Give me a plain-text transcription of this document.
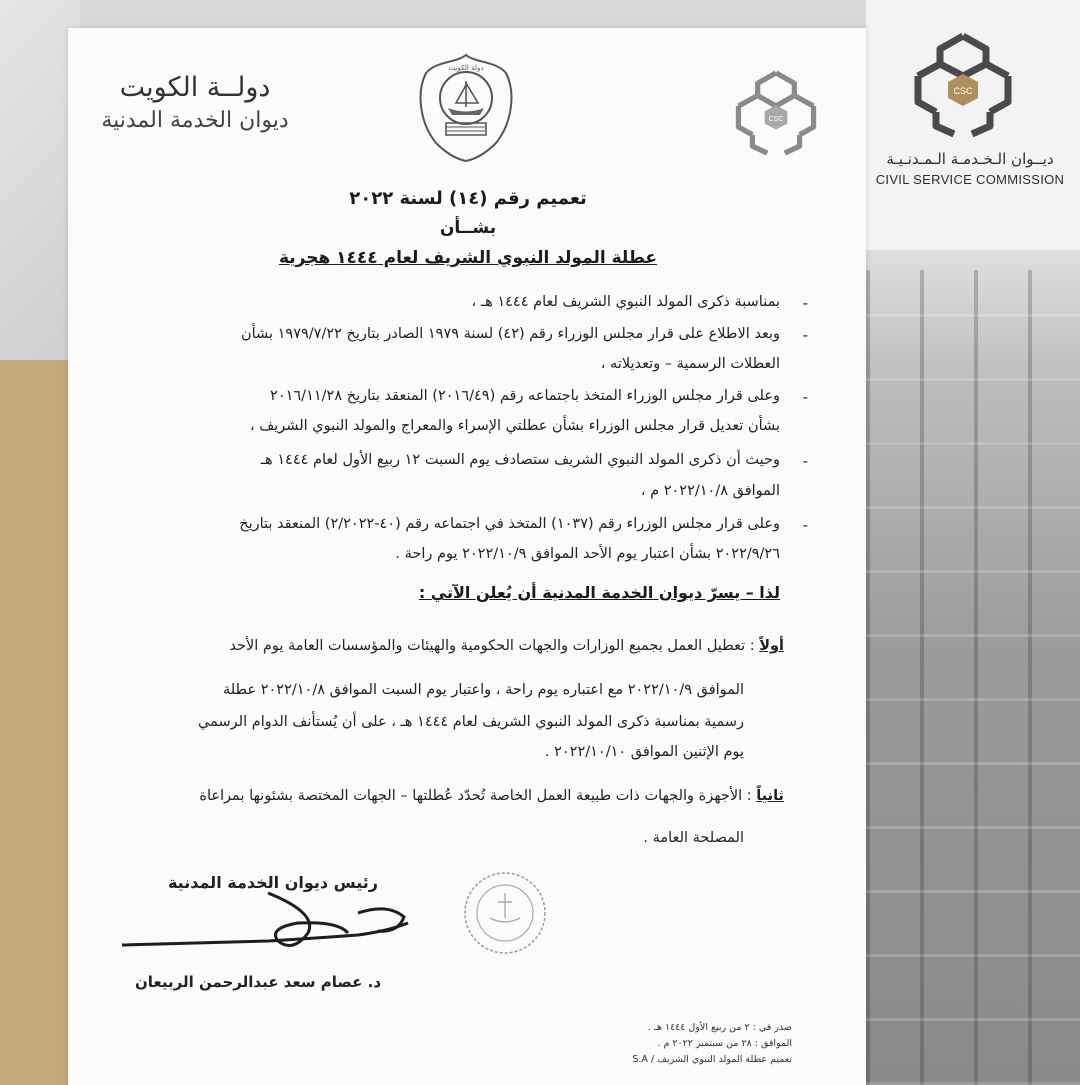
CSC
ديــوان الـخـدمـة الـمـدنـيـة
CIVIL SERVICE COMMISSION
CSC
دولة الكويت
دولــة الكويت
ديوان الخدمة المدنية
تعميم رقم (١٤) لسنة ٢٠٢٢
بشــأن
عطلة المولد النبوي الشريف لعام ١٤٤٤ هجرية
-
بمناسبة ذكرى المولد النبوي الشريف لعام ١٤٤٤ هـ ،
-
وبعد الاطلاع على قرار مجلس الوزراء رقم (٤٢) لسنة ١٩٧٩ الصادر بتاريخ ١٩٧٩/٧/٢٢ بشأن
العطلات الرسمية – وتعديلاته ،
-
وعلى قرار مجلس الوزراء المتخذ باجتماعه رقم (٢٠١٦/٤٩) المنعقد بتاريخ ٢٠١٦/١١/٢٨
بشأن تعديل قرار مجلس الوزراء بشأن عطلتي الإسراء والمعراج والمولد النبوي الشريف ،
-
وحيث أن ذكرى المولد النبوي الشريف ستصادف يوم السبت ١٢ ربيع الأول لعام ١٤٤٤ هـ
الموافق ٢٠٢٢/١٠/٨ م ،
-
وعلى قرار مجلس الوزراء رقم (١٠٣٧) المتخذ في اجتماعه رقم (٤٠-٢/٢٠٢٢) المنعقد بتاريخ
٢٠٢٢/٩/٢٦ بشأن اعتبار يوم الأحد الموافق ٢٠٢٢/١٠/٩ يوم راحة .
لذا – يسرّ ديوان الخدمة المدنية أن يُعلن الآتي :
أولاً : تعطيل العمل بجميع الوزارات والجهات الحكومية والهيئات والمؤسسات العامة يوم الأحد
الموافق ٢٠٢٢/١٠/٩ مع اعتباره يوم راحة ، واعتبار يوم السبت الموافق ٢٠٢٢/١٠/٨ عطلة
رسمية بمناسبة ذكرى المولد النبوي الشريف لعام ١٤٤٤ هـ ، على أن يُستأنف الدوام الرسمي
يوم الإثنين الموافق ٢٠٢٢/١٠/١٠ .
ثانياً : الأجهزة والجهات ذات طبيعة العمل الخاصة تُحدّد عُطلتها – الجهات المختصة بشئونها بمراعاة
المصلحة العامة .
رئيس ديوان الخدمة المدنية
د. عصام سعد عبدالرحمن الربيعان
صدر في : ٢ من ربيع الأول ١٤٤٤ هـ .
الموافق : ٢٨ من سبتمبر ٢٠٢٢ م .
تعميم عطلة المولد النبوي الشريف / S.A
